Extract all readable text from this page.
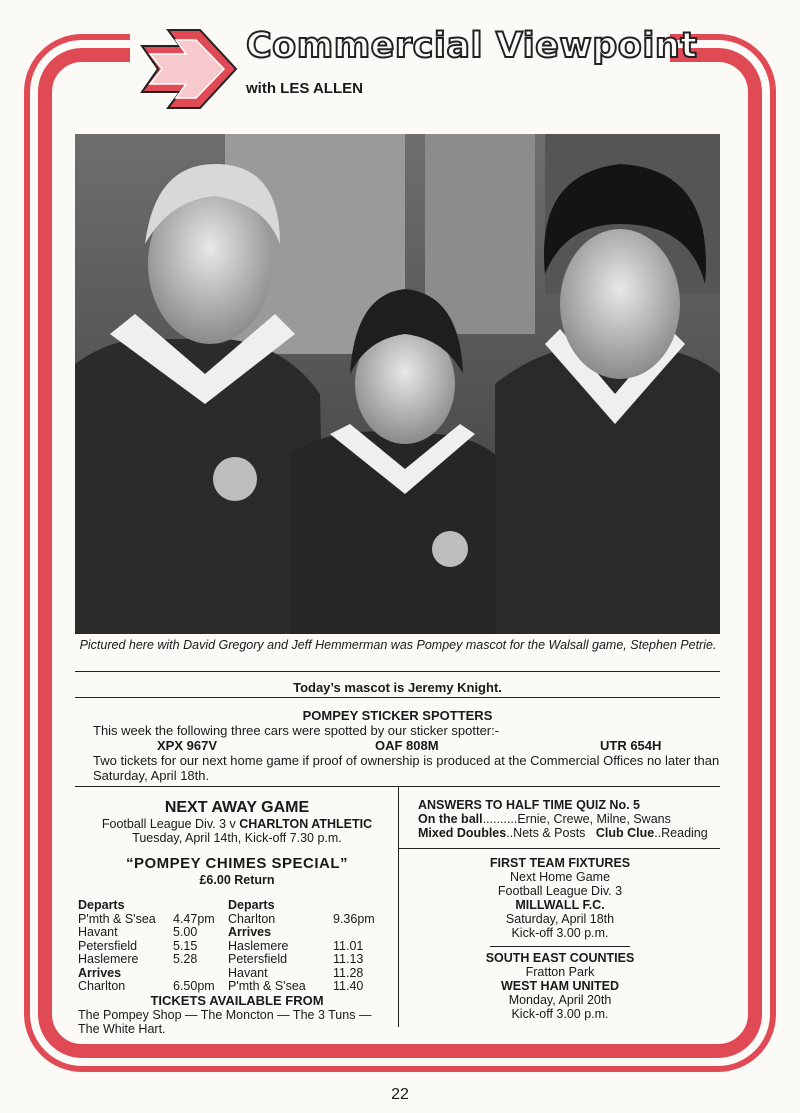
Commercial Viewpoint
with LES ALLEN
Pictured here with David Gregory and Jeff Hemmerman was Pompey mascot for the Walsall game, Stephen Petrie.
Today’s mascot is Jeremy Knight.
POMPEY STICKER SPOTTERS
This week the following three cars were spotted by our sticker spotter:-
XPX 967V	OAF 808M	UTR 654H
Two tickets for our next home game if proof of ownership is produced at the Commercial Offices no later than Saturday, April 18th.
NEXT AWAY GAME
Football League Div. 3 v CHARLTON ATHLETIC
Tuesday, April 14th, Kick-off 7.30 p.m.
“POMPEY CHIMES SPECIAL”
£6.00 Return
Departs		Departs	
P'mth & S'sea	4.47pm	Charlton	9.36pm
Havant	5.00	Arrives	
Petersfield	5.15	Haslemere	11.01
Haslemere	5.28	Petersfield	11.13
Arrives		Havant	11.28
Charlton	6.50pm	P'mth & S'sea	11.40
TICKETS AVAILABLE FROM
The Pompey Shop — The Moncton — The 3 Tuns —
The White Hart.
ANSWERS TO HALF TIME QUIZ No. 5
On the ball..........Ernie, Crewe, Milne, Swans
Mixed Doubles..Nets & Posts Club Clue..Reading
FIRST TEAM FIXTURES
Next Home Game
Football League Div. 3
MILLWALL F.C.
Saturday, April 18th
Kick-off 3.00 p.m.
SOUTH EAST COUNTIES
Fratton Park
WEST HAM UNITED
Monday, April 20th
Kick-off 3.00 p.m.
22
